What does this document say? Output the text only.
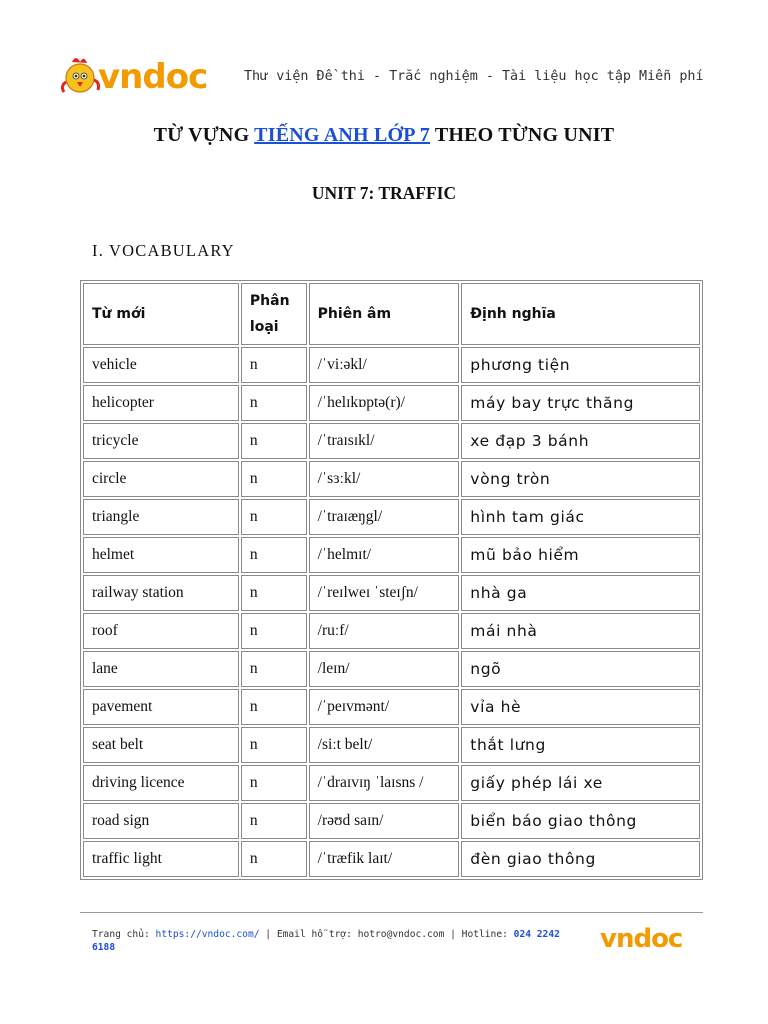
vndoc	Thư viện Đề thi - Trắc nghiệm - Tài liệu học tập Miễn phí
TỪ VỰNG TIẾNG ANH LỚP 7 THEO TỪNG UNIT
UNIT 7: TRAFFIC
I. VOCABULARY
Từ mới	Phân loại	Phiên âm	Định nghĩa
vehicle	n	/ˈviːəkl/	phương tiện
helicopter	n	/ˈhelɪkɒptə(r)/	máy bay trực thăng
tricycle	n	/ˈtraɪsɪkl/	xe đạp 3 bánh
circle	n	/ˈsɜːkl/	vòng tròn
triangle	n	/ˈtraɪæŋgl/	hình tam giác
helmet	n	/ˈhelmɪt/	mũ bảo hiểm
railway station	n	/ˈreɪlweɪ ˈsteɪʃn/	nhà ga
roof	n	/ruːf/	mái nhà
lane	n	/leɪn/	ngõ
pavement	n	/ˈpeɪvmənt/	vỉa hè
seat belt	n	/siːt belt/	thắt lưng
driving licence	n	/ˈdraɪvɪŋ ˈlaɪsns /	giấy phép lái xe
road sign	n	/rəʊd saɪn/	biển báo giao thông
traffic light	n	/ˈtræfik laɪt/	đèn giao thông
Trang chủ: https://vndoc.com/ | Email hỗ trợ: hotro@vndoc.com | Hotline: 024 2242 6188	vndoc
